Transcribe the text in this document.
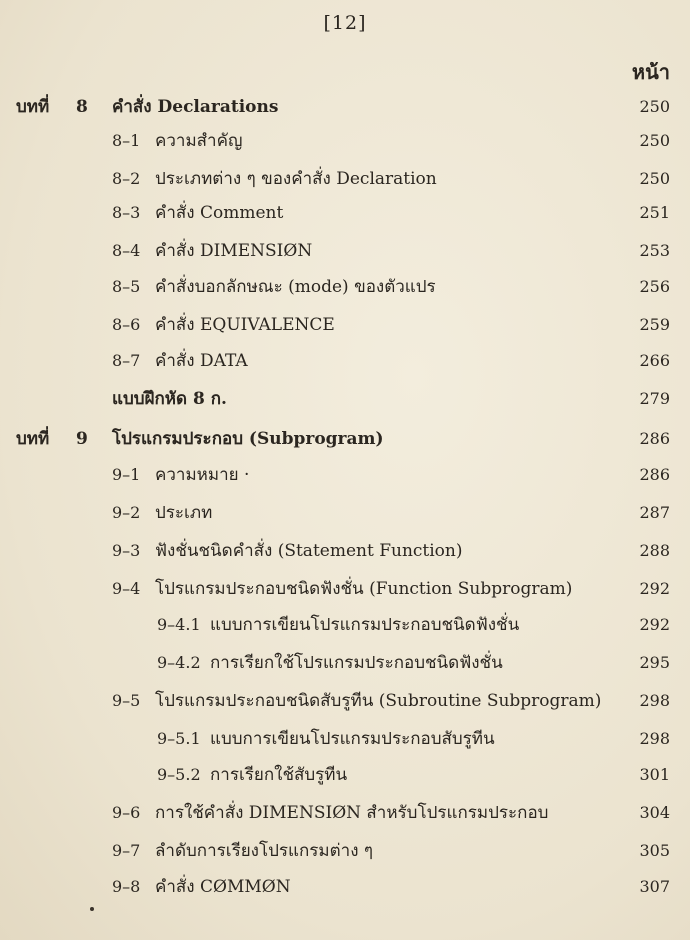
[12]
หน้า
บทที่ 8 คำสั่ง Declarations	250
8–1 ความสำคัญ	250
8–2 ประเภทต่าง ๆ ของคำสั่ง Declaration	250
8–3 คำสั่ง Comment	251
8–4 คำสั่ง DIMENSIØN	253
8–5 คำสั่งบอกลักษณะ (mode) ของตัวแปร	256
8–6 คำสั่ง EQUIVALENCE	259
8–7 คำสั่ง DATA	266
แบบฝึกหัด 8 ก.	279
บทที่ 9 โปรแกรมประกอบ (Subprogram)	286
9–1 ความหมาย ·	286
9–2 ประเภท	287
9–3 ฟังชั่นชนิดคำสั่ง (Statement Function)	288
9–4 โปรแกรมประกอบชนิดฟังชั่น (Function Subprogram)	292
9–4.1 แบบการเขียนโปรแกรมประกอบชนิดฟังชั่น	292
9–4.2 การเรียกใช้โปรแกรมประกอบชนิดฟังชั่น	295
9–5 โปรแกรมประกอบชนิดสับรูทีน (Subroutine Subprogram) 298
9–5.1 แบบการเขียนโปรแกรมประกอบสับรูทีน	298
9–5.2 การเรียกใช้สับรูทีน	301
9–6 การใช้คำสั่ง DIMENSIØN สำหรับโปรแกรมประกอบ	304
9–7 ลำดับการเรียงโปรแกรมต่าง ๆ	305
9–8 คำสั่ง CØMMØN	307
